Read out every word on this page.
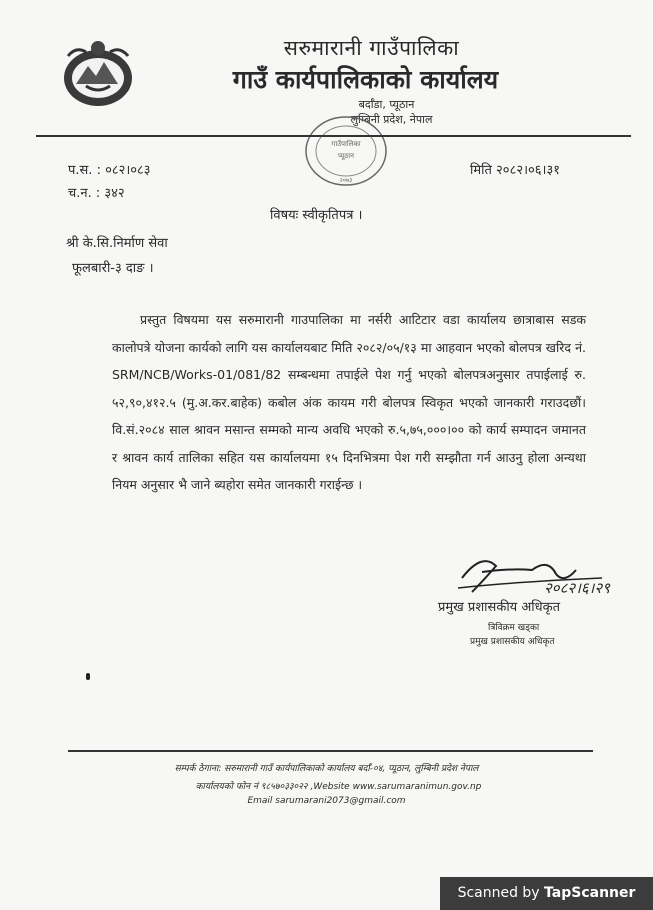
सरुमारानी गाउँपालिका
गाउँ कार्यपालिकाको कार्यालय
बर्दाँडा, प्यूठान
लुम्बिनी प्रदेश, नेपाल
गाउँपालिका
प्यूठान
२०७३
प.स. : ०८२।०८३
च.न. : ३४२
मिति २०८२।०६।३१
विषयः स्वीकृतिपत्र ।
श्री के.सि.निर्माण सेवा
फूलबारी-३ दाङ ।
प्रस्तुत विषयमा यस सरुमारानी गाउपालिका मा नर्सरी आटिटार वडा कार्यालय छात्राबास सडक कालोपत्रे योजना कार्यको लागि यस कार्यालयबाट मिति २०८२/०५/१३ मा आहवान भएको बोलपत्र खरिद नं. SRM/NCB/Works-01/081/82 सम्बन्धमा तपाईले पेश गर्नु भएको बोलपत्रअनुसार तपाईलाई रु. ५२,९०,४१२.५ (मु.अ.कर.बाहेक) कबोल अंक कायम गरी बोलपत्र स्विकृत भएको जानकारी गराउदछौं। वि.सं.२०८४ साल श्रावन मसान्त सम्मको मान्य अवधि भएको रु.५,७५,०००।०० को कार्य सम्पादन जमानत र श्रावन कार्य तालिका सहित यस कार्यालयमा १५ दिनभित्रमा पेश गरी सम्झौता गर्न आउनु होला अन्यथा नियम अनुसार भै जाने ब्यहोरा समेत जानकारी गराईन्छ ।
२०८२।६।२९
प्रमुख प्रशासकीय अधिकृत
त्रिविक्रम खड्का
प्रमुख प्रशासकीय अधिकृत
सम्पर्क ठेगाना: सरुमारानी गाउँ कार्यपालिकाको कार्यालय बर्दाँ-०४, प्यूठान, लुम्बिनी प्रदेश नेपाल
कार्यालयको फोन नं ९८५७०३३०२२ ,Website www.sarumaranimun.gov.np
Email sarumarani2073@gmail.com
Scanned by TapScanner
